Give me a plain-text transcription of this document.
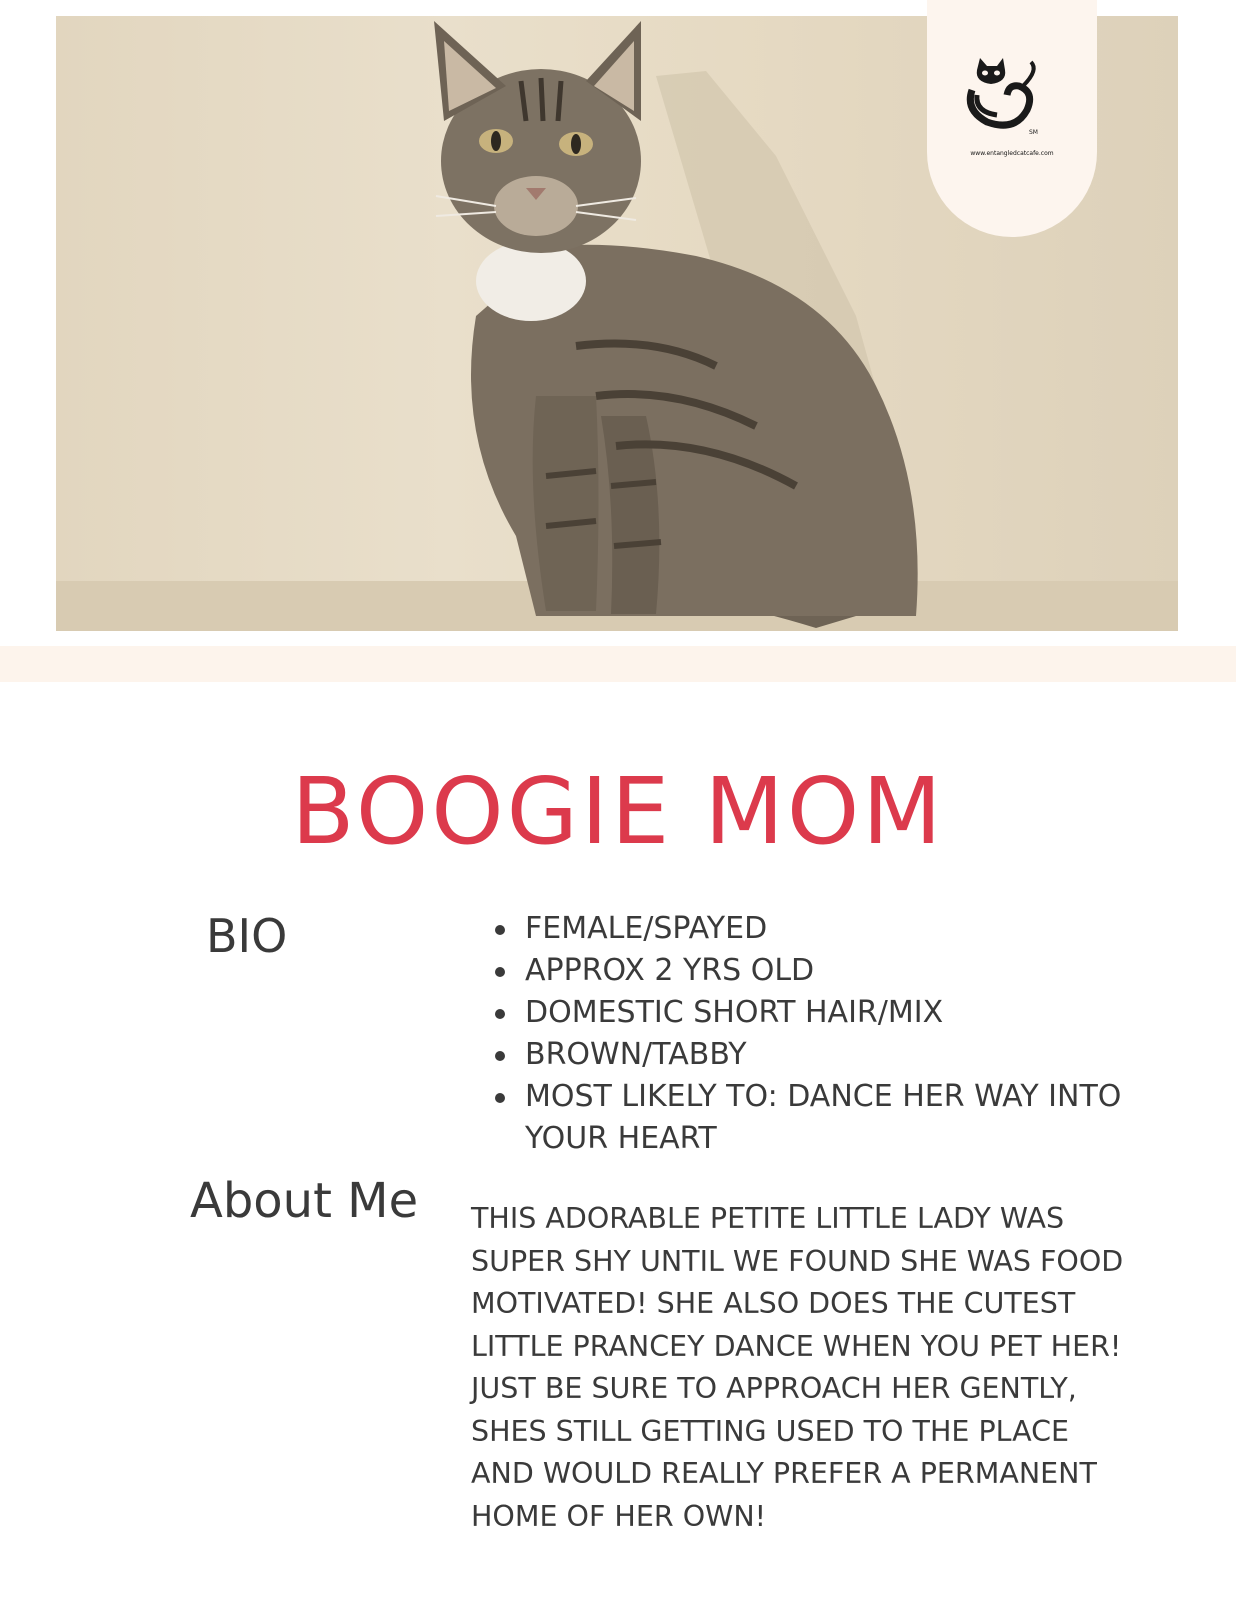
SM
www.entangledcatcafe.com
BOOGIE MOM
BIO	FEMALE/SPAYED
APPROX 2 YRS OLD
DOMESTIC SHORT HAIR/MIX
BROWN/TABBY
MOST LIKELY TO: DANCE HER WAY INTO YOUR HEART
About Me THIS ADORABLE PETITE LITTLE LADY WAS SUPER SHY UNTIL WE FOUND SHE WAS FOOD MOTIVATED! SHE ALSO DOES THE CUTEST LITTLE PRANCEY DANCE WHEN YOU PET HER! JUST BE SURE TO APPROACH HER GENTLY, SHES STILL GETTING USED TO THE PLACE AND WOULD REALLY PREFER A PERMANENT HOME OF HER OWN!
